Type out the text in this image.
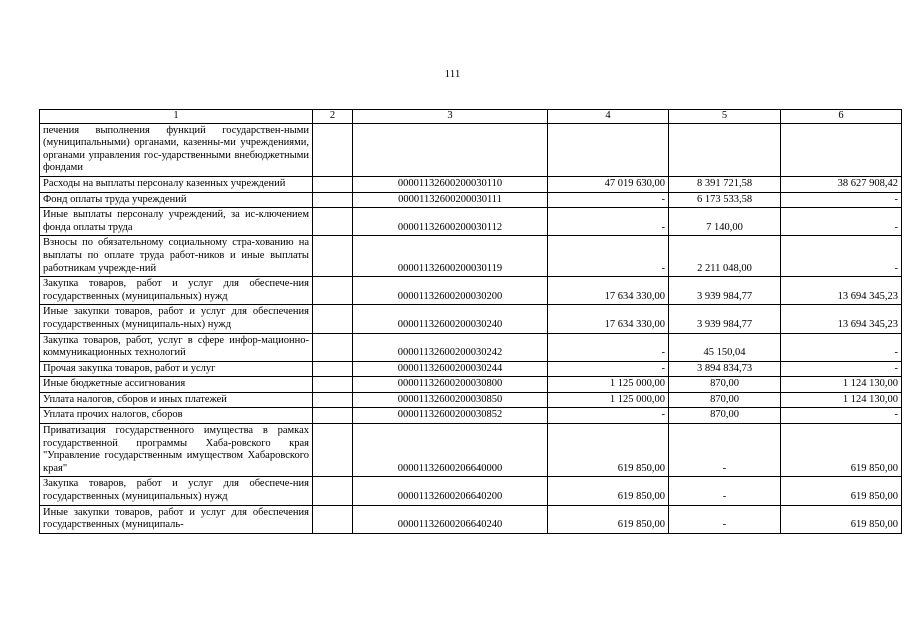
111
1	2	3	4	5	6
печения выполнения функций государствен-ными (муниципальными) органами, казенны-ми учреждениями, органами управления гос-ударственными внебюджетными фондами					
Расходы на выплаты персоналу казенных учреждений		00001132600200030110	47 019 630,00	8 391 721,58	38 627 908,42
Фонд оплаты труда учреждений		00001132600200030111	-	6 173 533,58	-
Иные выплаты персоналу учреждений, за ис-ключением фонда оплаты труда		00001132600200030112	-	7 140,00	-
Взносы по обязательному социальному стра-хованию на выплаты по оплате труда работ-ников и иные выплаты работникам учрежде-ний		00001132600200030119	-	2 211 048,00	-
Закупка товаров, работ и услуг для обеспече-ния государственных (муниципальных) нужд		00001132600200030200	17 634 330,00	3 939 984,77	13 694 345,23
Иные закупки товаров, работ и услуг для обеспечения государственных (муниципаль-ных) нужд		00001132600200030240	17 634 330,00	3 939 984,77	13 694 345,23
Закупка товаров, работ, услуг в сфере инфор-мационно-коммуникационных технологий		00001132600200030242	-	45 150,04	-
Прочая закупка товаров, работ и услуг		00001132600200030244	-	3 894 834,73	-
Иные бюджетные ассигнования		00001132600200030800	1 125 000,00	870,00	1 124 130,00
Уплата налогов, сборов и иных платежей		00001132600200030850	1 125 000,00	870,00	1 124 130,00
Уплата прочих налогов, сборов		00001132600200030852	-	870,00	-
Приватизация государственного имущества в рамках государственной программы Хаба-ровского края "Управление государственным имуществом Хабаровского края"		00001132600206640000	619 850,00	-	619 850,00
Закупка товаров, работ и услуг для обеспече-ния государственных (муниципальных) нужд		00001132600206640200	619 850,00	-	619 850,00
Иные закупки товаров, работ и услуг для обеспечения государственных (муниципаль-		00001132600206640240	619 850,00	-	619 850,00
